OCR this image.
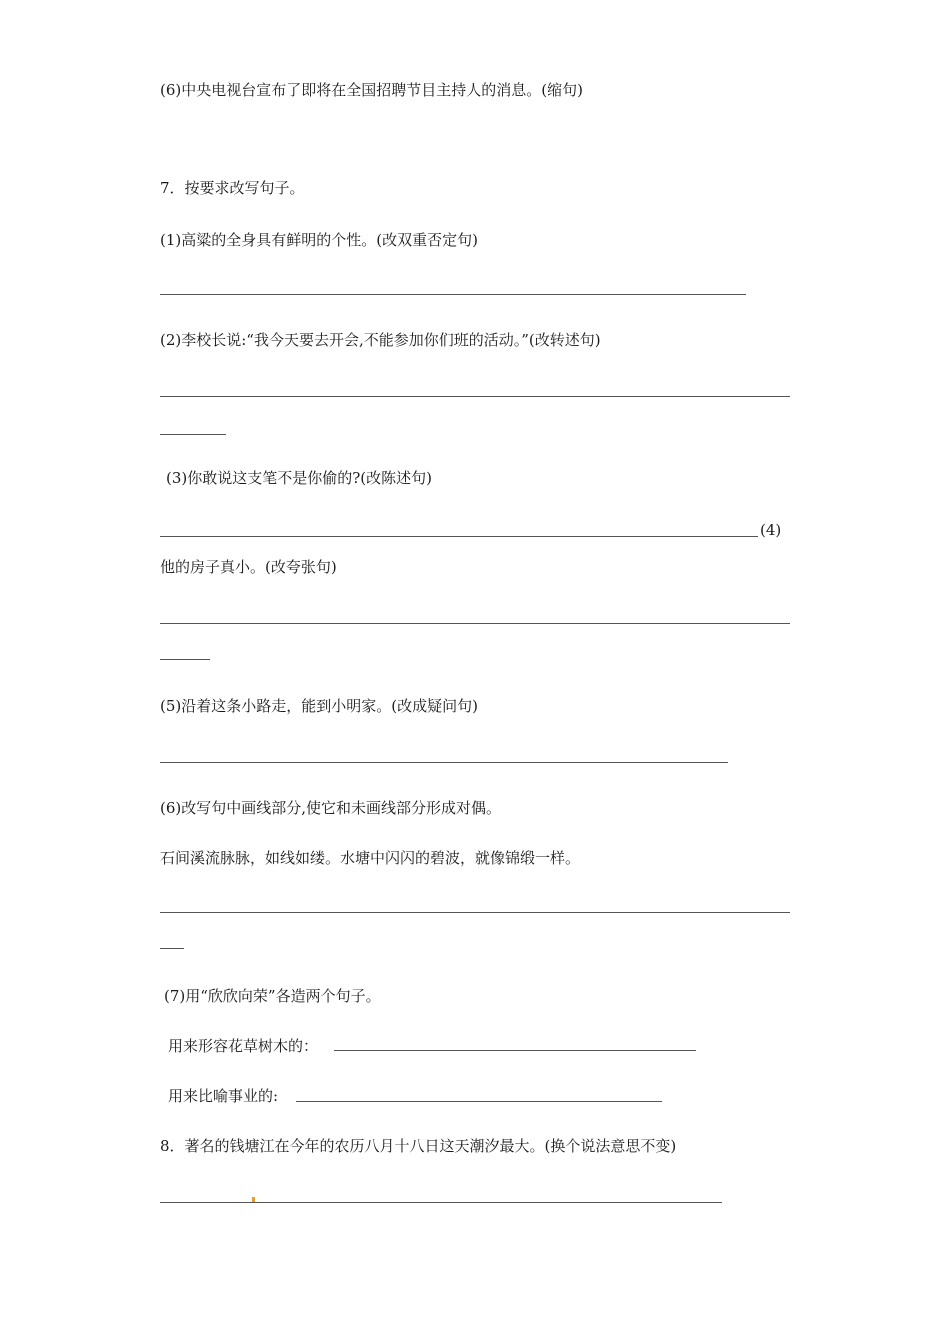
(6)中央电视台宣布了即将在全国招聘节目主持人的消息。(缩句)
7．按要求改写句子。
(1)高粱的全身具有鲜明的个性。(改双重否定句)
(2)李校长说:“我今天要去开会,不能参加你们班的活动。”(改转述句)
(3)你敢说这支笔不是你偷的?(改陈述句)
(4)
他的房子真小。(改夸张句)
(5)沿着这条小路走，能到小明家。(改成疑问句)
(6)改写句中画线部分,使它和未画线部分形成对偶。
石间溪流脉脉，如线如缕。水塘中闪闪的碧波，就像锦缎一样。
(7)用“欣欣向荣”各造两个句子。
用来形容花草树木的：
用来比喻事业的:
8．著名的钱塘江在今年的农历八月十八日这天潮汐最大。(换个说法意思不变)
